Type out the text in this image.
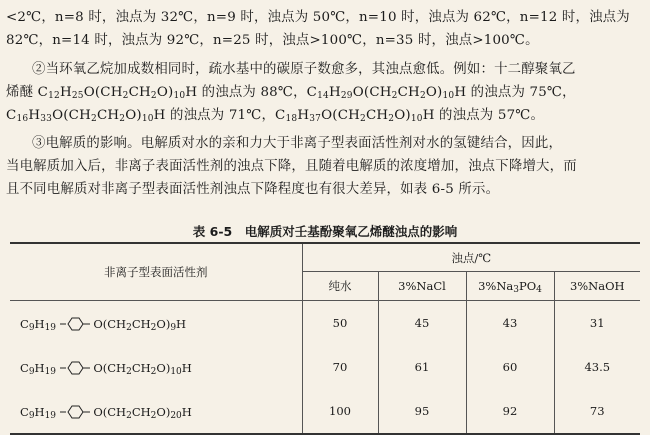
<2℃，n=8 时，浊点为 32℃，n=9 时，浊点为 50℃，n=10 时，浊点为 62℃，n=12 时，浊点为
82℃，n=14 时，浊点为 92℃，n=25 时，浊点>100℃，n=35 时，浊点>100℃。
②当环氧乙烷加成数相同时，疏水基中的碳原子数愈多，其浊点愈低。例如：十二醇聚氧乙
烯醚 $C_{12}H_{25}O(CH_2CH_2O)_{10}H$ 的浊点为 88℃，$C_{14}H_{29}O(CH_2CH_2O)_{10}H$ 的浊点为 75℃，
$C_{16}H_{33}O(CH_2CH_2O)_{10}H$ 的浊点为 71℃，$C_{18}H_{37}O(CH_2CH_2O)_{10}H$ 的浊点为 57℃。
③电解质的影响。电解质对水的亲和力大于非离子型表面活性剂对水的氢键结合，因此，
当电解质加入后，非离子表面活性剂的浊点下降，且随着电解质的浓度增加，浊点下降增大，而
且不同电解质对非离子型表面活性剂浊点下降程度也有很大差异，如表 6-5 所示。
表 6-5　电解质对壬基酚聚氧乙烯醚浊点的影响

非离子型表面活性剂	浊点/℃			
	纯水	3%NaCl	$3\%Na_3PO_4$	3%NaOH
$C_9H_{19}$ $O(CH_2CH_2O)_9H$	50	45	43	31
$C_9H_{19}$ $O(CH_2CH_2O)_{10}H$	70	61	60	43.5
$C_9H_{19}$ $O(CH_2CH_2O)_{20}H$	100	95	92	73
